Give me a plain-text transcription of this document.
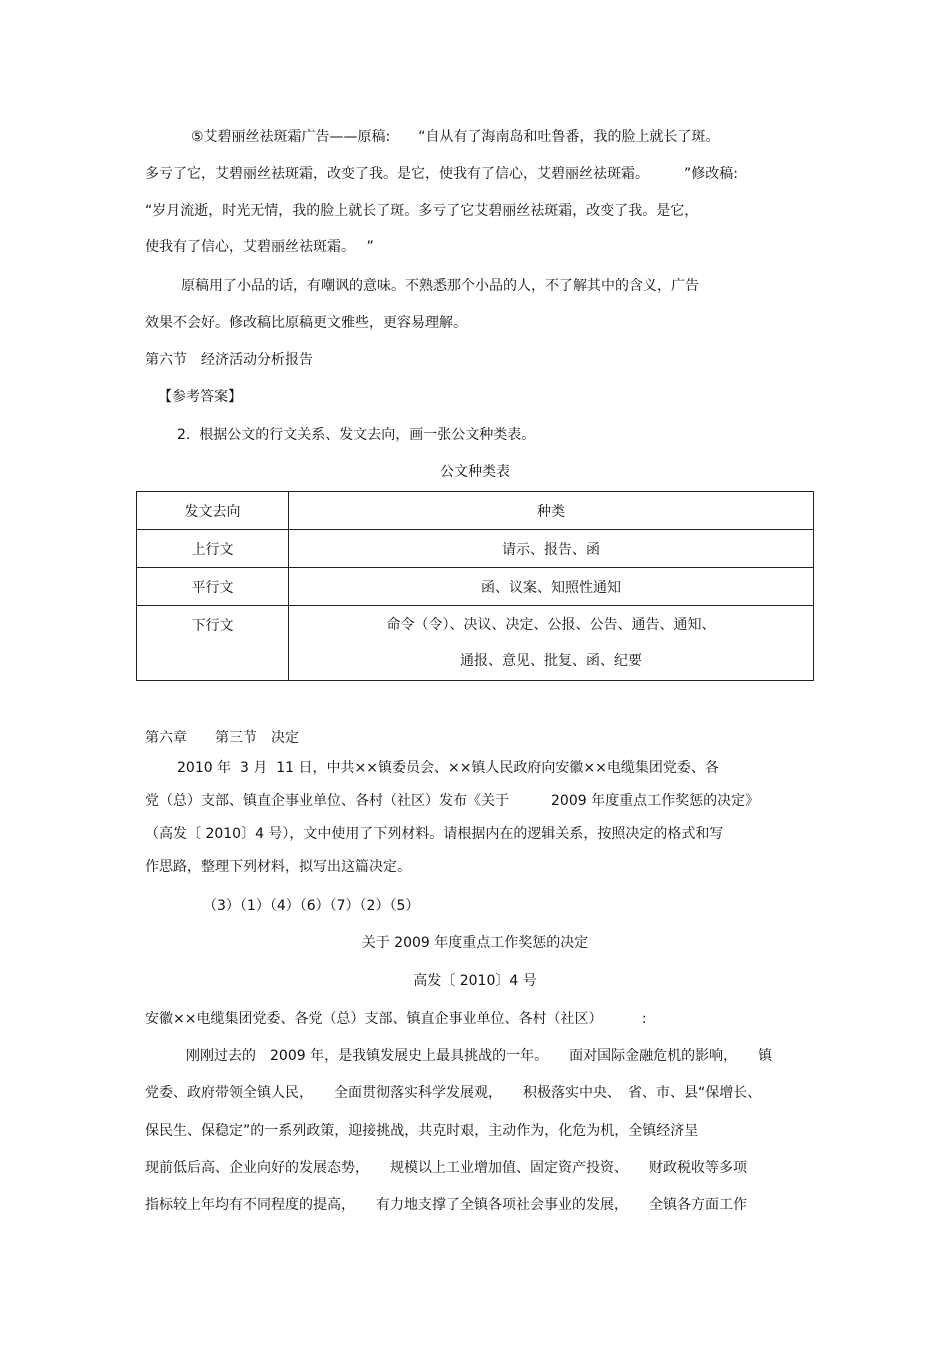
⑤艾碧丽丝祛斑霜广告——原稿:　　“自从有了海南岛和吐鲁番，我的脸上就长了斑。
多亏了它，艾碧丽丝祛斑霜，改变了我。是它，使我有了信心，艾碧丽丝祛斑霜。　　　”修改稿:
“岁月流逝，时光无情，我的脸上就长了斑。多亏了它艾碧丽丝祛斑霜，改变了我。是它，
使我有了信心，艾碧丽丝祛斑霜。　 ”
原稿用了小品的话，有嘲讽的意味。不熟悉那个小品的人，不了解其中的含义，广告
效果不会好。修改稿比原稿更文雅些，更容易理解。
第六节　经济活动分析报告
【参考答案】
2.  根据公文的行文关系、发文去向，画一张公文种类表。
公文种类表
发文去向	种类
上行文	请示、报告、函
平行文	函、议案、知照性通知
下行文	命令（令）、决议、决定、公报、公告、通告、通知、
通报、意见、批复、函、纪要
第六章　　第三节　决定
2010 年  3 月  11 日，中共××镇委员会、××镇人民政府向安徽××电缆集团党委、各
党（总）支部、镇直企事业单位、各村（社区）发布《关于　　　2009 年度重点工作奖惩的决定》
（高发〔 2010〕4 号），文中使用了下列材料。请根据内在的逻辑关系，按照决定的格式和写
作思路，整理下列材料，拟写出这篇决定。
（3）（1）（4）（6）（7）（2）（5）
关于 2009 年度重点工作奖惩的决定
高发〔 2010〕4 号
安徽××电缆集团党委、各党（总）支部、镇直企事业单位、各村（社区）　　　 :
刚刚过去的　2009 年，是我镇发展史上最具挑战的一年。　　面对国际金融危机的影响，　　镇
党委、政府带领全镇人民，　　全面贯彻落实科学发展观，　　积极落实中央、　省、市、县“保增长、
保民生、保稳定”的一系列政策，迎接挑战，共克时艰，主动作为，化危为机，全镇经济呈
现前低后高、企业向好的发展态势，　　规模以上工业增加值、固定资产投资、　　财政税收等多项
指标较上年均有不同程度的提高，　　有力地支撑了全镇各项社会事业的发展，　　全镇各方面工作
